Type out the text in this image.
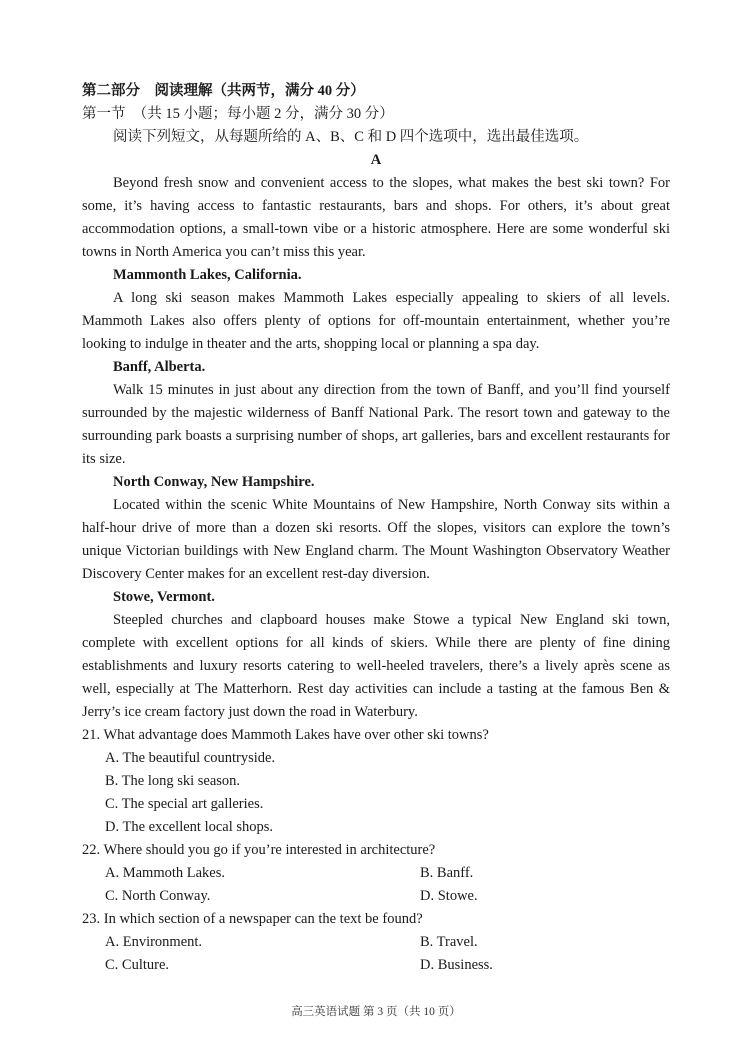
第二部分　阅读理解（共两节，满分 40 分）
第一节　（共 15 小题；每小题 2 分，满分 30 分）
阅读下列短文，从每题所给的 A、B、C 和 D 四个选项中，选出最佳选项。
A

Beyond fresh snow and convenient access to the slopes, what makes the best ski town? For some, it’s having access to fantastic restaurants, bars and shops. For others, it’s about great accommodation options, a small-town vibe or a historic atmosphere. Here are some wonderful ski towns in North America you can’t miss this year.

Mammonth Lakes, California.

A long ski season makes Mammoth Lakes especially appealing to skiers of all levels. Mammoth Lakes also offers plenty of options for off-mountain entertainment, whether you’re looking to indulge in theater and the arts, shopping local or planning a spa day.

Banff, Alberta.

Walk 15 minutes in just about any direction from the town of Banff, and you’ll find yourself surrounded by the majestic wilderness of Banff National Park. The resort town and gateway to the surrounding park boasts a surprising number of shops, art galleries, bars and excellent restaurants for its size.

North Conway, New Hampshire.

Located within the scenic White Mountains of New Hampshire, North Conway sits within a half-hour drive of more than a dozen ski resorts. Off the slopes, visitors can explore the town’s unique Victorian buildings with New England charm. The Mount Washington Observatory Weather Discovery Center makes for an excellent rest-day diversion.

Stowe, Vermont.

Steepled churches and clapboard houses make Stowe a typical New England ski town, complete with excellent options for all kinds of skiers. While there are plenty of fine dining establishments and luxury resorts catering to well-heeled travelers, there’s a lively après scene as well, especially at The Matterhorn. Rest day activities can include a tasting at the famous Ben & Jerry’s ice cream factory just down the road in Waterbury.

21. What advantage does Mammoth Lakes have over other ski towns?
A. The beautiful countryside.
B. The long ski season.
C. The special art galleries.
D. The excellent local shops.
22. Where should you go if you’re interested in architecture?
A. Mammoth Lakes.	B. Banff.
C. North Conway.	D. Stowe.
23. In which section of a newspaper can the text be found?
A. Environment.	B. Travel.
C. Culture.	D. Business.
高三英语试题 第 3 页（共 10 页）
